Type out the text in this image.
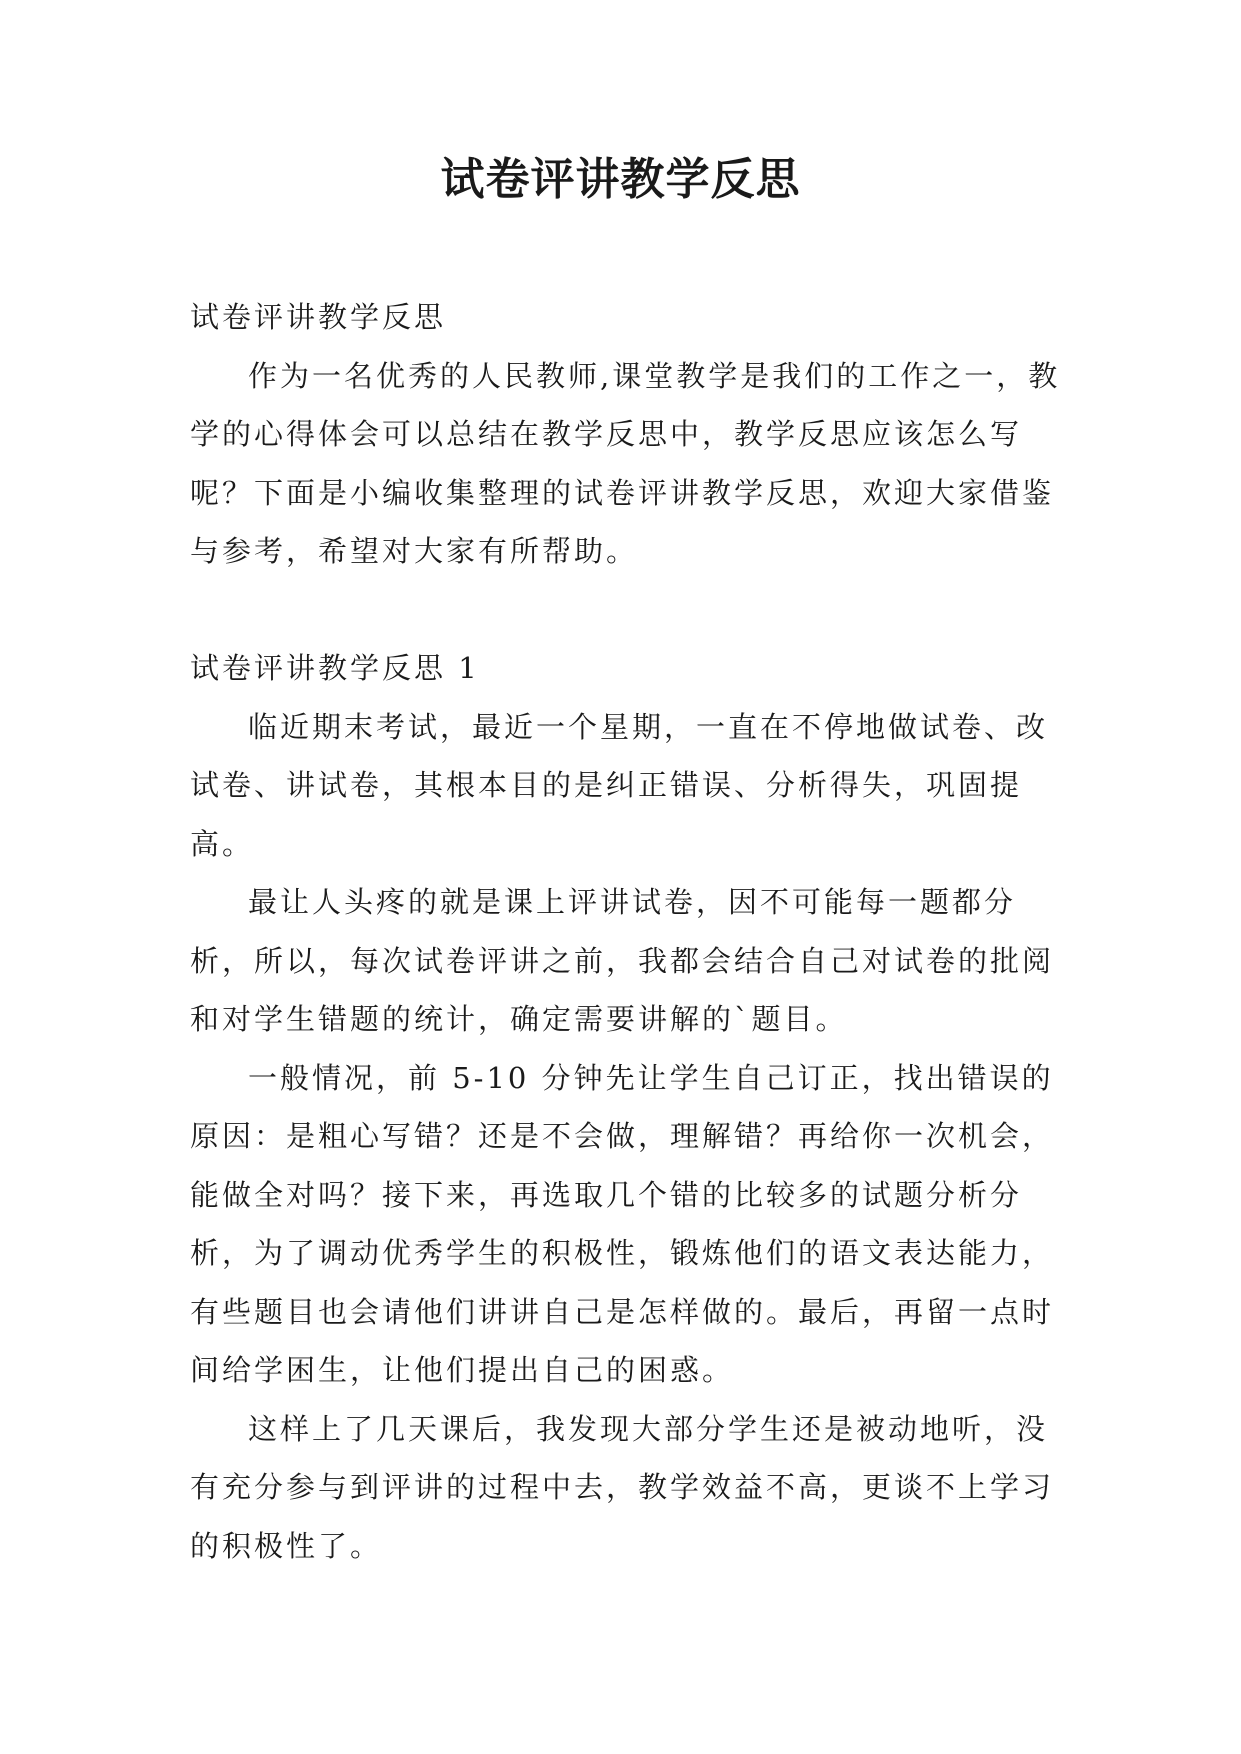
试卷评讲教学反思

试卷评讲教学反思

作为一名优秀的人民教师,课堂教学是我们的工作之一，教学的心得体会可以总结在教学反思中，教学反思应该怎么写呢？下面是小编收集整理的试卷评讲教学反思，欢迎大家借鉴与参考，希望对大家有所帮助。

试卷评讲教学反思 1

临近期末考试，最近一个星期，一直在不停地做试卷、改试卷、讲试卷，其根本目的是纠正错误、分析得失，巩固提高。

最让人头疼的就是课上评讲试卷，因不可能每一题都分析，所以，每次试卷评讲之前，我都会结合自己对试卷的批阅和对学生错题的统计，确定需要讲解的`题目。

一般情况，前 5-10 分钟先让学生自己订正，找出错误的原因：是粗心写错？还是不会做，理解错？再给你一次机会，能做全对吗？接下来，再选取几个错的比较多的试题分析分析，为了调动优秀学生的积极性，锻炼他们的语文表达能力，有些题目也会请他们讲讲自己是怎样做的。最后，再留一点时间给学困生，让他们提出自己的困惑。

这样上了几天课后，我发现大部分学生还是被动地听，没有充分参与到评讲的过程中去，教学效益不高，更谈不上学习的积极性了。
